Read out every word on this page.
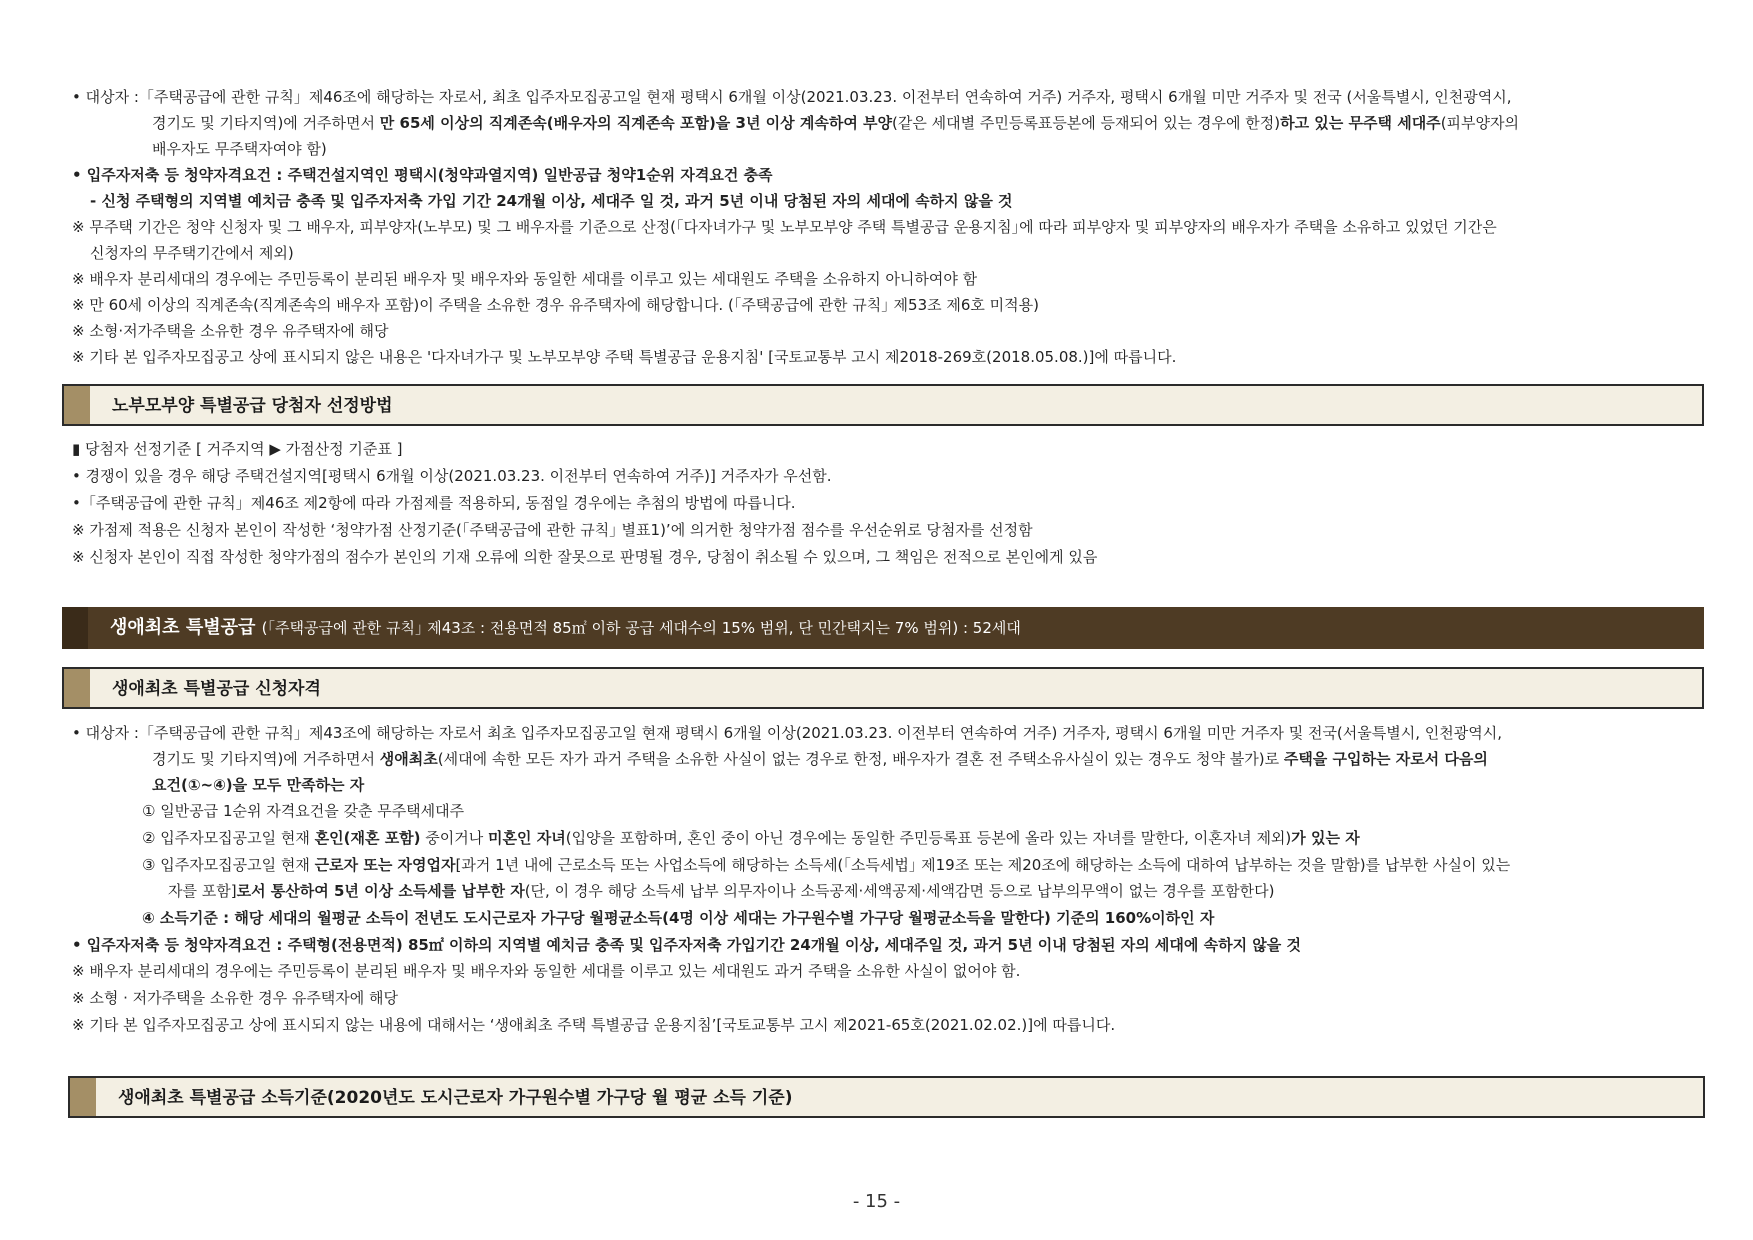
• 대상자 :「주택공급에 관한 규칙」제46조에 해당하는 자로서, 최초 입주자모집공고일 현재 평택시 6개월 이상(2021.03.23. 이전부터 연속하여 거주) 거주자, 평택시 6개월 미만 거주자 및 전국 (서울특별시, 인천광역시,
경기도 및 기타지역)에 거주하면서 만 65세 이상의 직계존속(배우자의 직계존속 포함)을 3년 이상 계속하여 부양(같은 세대별 주민등록표등본에 등재되어 있는 경우에 한정)하고 있는 무주택 세대주(피부양자의
배우자도 무주택자여야 함)
• 입주자저축 등 청약자격요건 : 주택건설지역인 평택시(청약과열지역) 일반공급 청약1순위 자격요건 충족
- 신청 주택형의 지역별 예치금 충족 및 입주자저축 가입 기간 24개월 이상, 세대주 일 것, 과거 5년 이내 당첨된 자의 세대에 속하지 않을 것
※ 무주택 기간은 청약 신청자 및 그 배우자, 피부양자(노부모) 및 그 배우자를 기준으로 산정(｢다자녀가구 및 노부모부양 주택 특별공급 운용지침｣에 따라 피부양자 및 피부양자의 배우자가 주택을 소유하고 있었던 기간은
신청자의 무주택기간에서 제외)
※ 배우자 분리세대의 경우에는 주민등록이 분리된 배우자 및 배우자와 동일한 세대를 이루고 있는 세대원도 주택을 소유하지 아니하여야 함
※ 만 60세 이상의 직계존속(직계존속의 배우자 포함)이 주택을 소유한 경우 유주택자에 해당합니다. (｢주택공급에 관한 규칙｣ 제53조 제6호 미적용)
※ 소형·저가주택을 소유한 경우 유주택자에 해당
※ 기타 본 입주자모집공고 상에 표시되지 않은 내용은 '다자녀가구 및 노부모부양 주택 특별공급 운용지침' [국토교통부 고시 제2018-269호(2018.05.08.)]에 따릅니다.
노부모부양 특별공급 당첨자 선정방법
▮ 당첨자 선정기준 [ 거주지역 ▶ 가점산정 기준표 ]
• 경쟁이 있을 경우 해당 주택건설지역[평택시 6개월 이상(2021.03.23. 이전부터 연속하여 거주)] 거주자가 우선함.
•「주택공급에 관한 규칙」제46조 제2항에 따라 가점제를 적용하되, 동점일 경우에는 추첨의 방법에 따릅니다.
※ 가점제 적용은 신청자 본인이 작성한 ‘청약가점 산정기준(｢주택공급에 관한 규칙｣ 별표1)’에 의거한 청약가점 점수를 우선순위로 당첨자를 선정함
※ 신청자 본인이 직접 작성한 청약가점의 점수가 본인의 기재 오류에 의한 잘못으로 판명될 경우, 당첨이 취소될 수 있으며, 그 책임은 전적으로 본인에게 있음
생애최초 특별공급 (｢주택공급에 관한 규칙｣ 제43조 : 전용면적 85㎡ 이하 공급 세대수의 15% 범위, 단 민간택지는 7% 범위) : 52세대
생애최초 특별공급 신청자격
• 대상자 :「주택공급에 관한 규칙」제43조에 해당하는 자로서 최초 입주자모집공고일 현재 평택시 6개월 이상(2021.03.23. 이전부터 연속하여 거주) 거주자, 평택시 6개월 미만 거주자 및 전국(서울특별시, 인천광역시,
경기도 및 기타지역)에 거주하면서 생애최초(세대에 속한 모든 자가 과거 주택을 소유한 사실이 없는 경우로 한정, 배우자가 결혼 전 주택소유사실이 있는 경우도 청약 불가)로 주택을 구입하는 자로서 다음의
요건(①~④)을 모두 만족하는 자
① 일반공급 1순위 자격요건을 갖춘 무주택세대주
② 입주자모집공고일 현재 혼인(재혼 포함) 중이거나 미혼인 자녀(입양을 포함하며, 혼인 중이 아닌 경우에는 동일한 주민등록표 등본에 올라 있는 자녀를 말한다, 이혼자녀 제외)가 있는 자
③ 입주자모집공고일 현재 근로자 또는 자영업자[과거 1년 내에 근로소득 또는 사업소득에 해당하는 소득세(｢소득세법｣ 제19조 또는 제20조에 해당하는 소득에 대하여 납부하는 것을 말함)를 납부한 사실이 있는
자를 포함]로서 통산하여 5년 이상 소득세를 납부한 자(단, 이 경우 해당 소득세 납부 의무자이나 소득공제·세액공제·세액감면 등으로 납부의무액이 없는 경우를 포함한다)
④ 소득기준 : 해당 세대의 월평균 소득이 전년도 도시근로자 가구당 월평균소득(4명 이상 세대는 가구원수별 가구당 월평균소득을 말한다) 기준의 160%이하인 자
• 입주자저축 등 청약자격요건 : 주택형(전용면적) 85㎡ 이하의 지역별 예치금 충족 및 입주자저축 가입기간 24개월 이상, 세대주일 것, 과거 5년 이내 당첨된 자의 세대에 속하지 않을 것
※ 배우자 분리세대의 경우에는 주민등록이 분리된 배우자 및 배우자와 동일한 세대를 이루고 있는 세대원도 과거 주택을 소유한 사실이 없어야 함.
※ 소형 · 저가주택을 소유한 경우 유주택자에 해당
※ 기타 본 입주자모집공고 상에 표시되지 않는 내용에 대해서는 ‘생애최초 주택 특별공급 운용지침’[국토교통부 고시 제2021-65호(2021.02.02.)]에 따릅니다.
생애최초 특별공급 소득기준(2020년도 도시근로자 가구원수별 가구당 월 평균 소득 기준)
- 15 -
